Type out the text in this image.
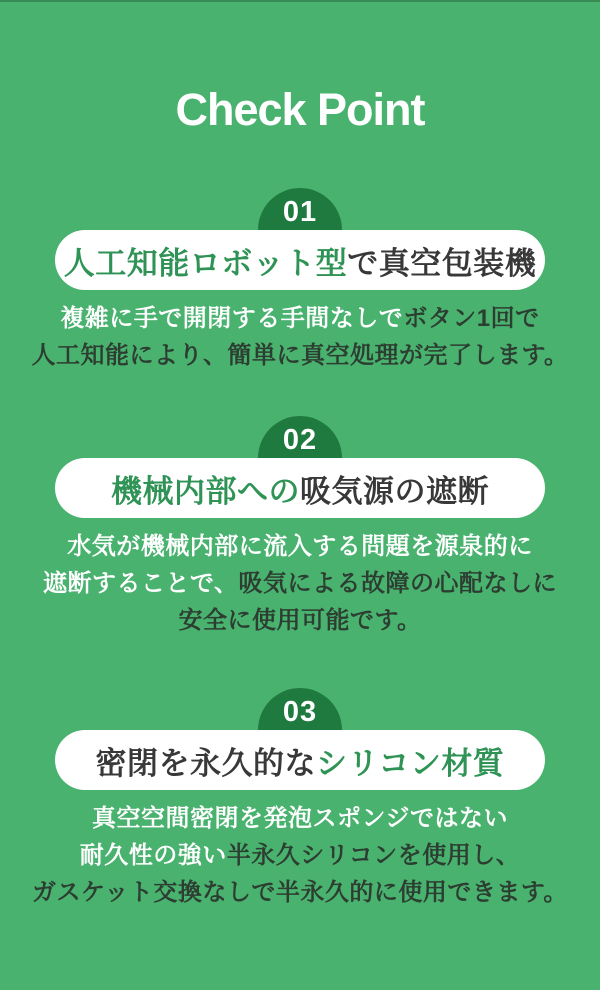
Check Point
01
人工知能ロボット型 で真空包装機
複雑に手で開閉する手間なしでボタン1回で
人工知能により、簡単に真空処理が完了します。
02
機械内部への 吸気源の遮断
水気が機械内部に流入する問題を源泉的に
遮断することで、吸気による故障の心配なしに
安全に使用可能です。
03
密閉を永久的な シリコン材質
真空空間密閉を発泡スポンジではない
耐久性の強い半永久シリコンを使用し、
ガスケット交換なしで半永久的に使用できます。
